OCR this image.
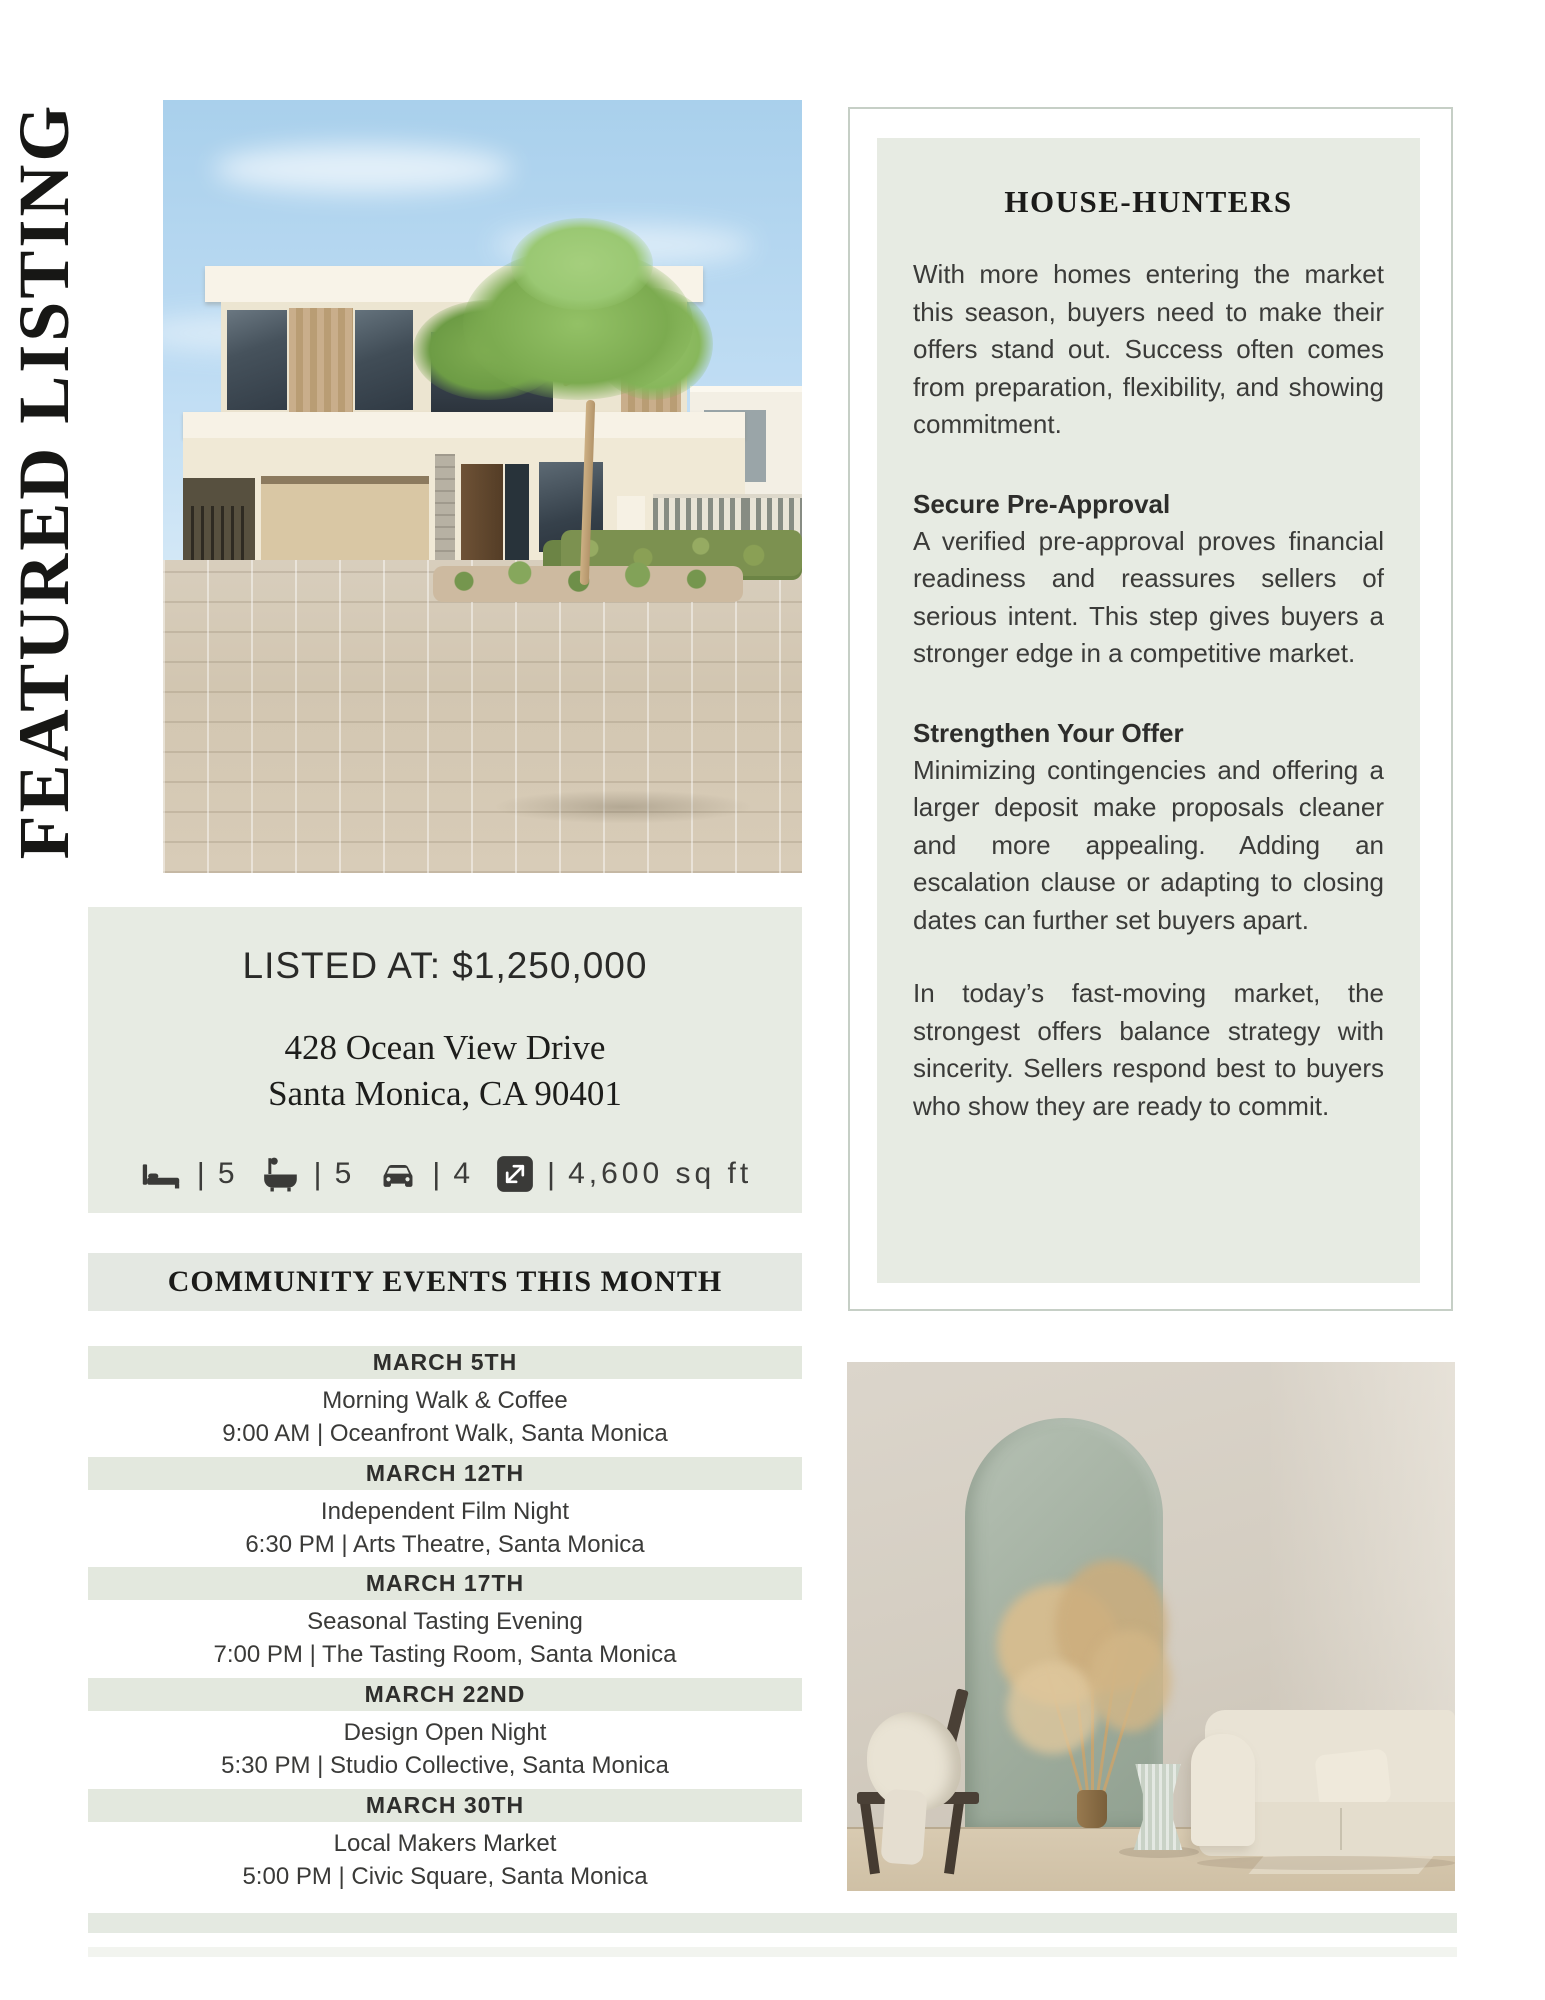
FEATURED LISTING
LISTED AT: $1,250,000
428 Ocean View Drive
Santa Monica, CA 90401
| 5 | 5 | 4 | 4,600 sq ft
COMMUNITY EVENTS THIS MONTH
MARCH 5TH
Morning Walk & Coffee
9:00 AM | Oceanfront Walk, Santa Monica
MARCH 12TH
Independent Film Night
6:30 PM | Arts Theatre, Santa Monica
MARCH 17TH
Seasonal Tasting Evening
7:00 PM | The Tasting Room, Santa Monica
MARCH 22ND
Design Open Night
5:30 PM | Studio Collective, Santa Monica
MARCH 30TH
Local Makers Market
5:00 PM | Civic Square, Santa Monica
HOUSE-HUNTERS

With more homes entering the market this season, buyers need to make their offers stand out. Success often comes from preparation, flexibility, and showing commitment.

Secure Pre-Approval

A verified pre-approval proves financial readiness and reassures sellers of serious intent. This step gives buyers a stronger edge in a competitive market.

Strengthen Your Offer

Minimizing contingencies and offering a larger deposit make proposals cleaner and more appealing. Adding an escalation clause or adapting to closing dates can further set buyers apart.

In today’s fast-moving market, the strongest offers balance strategy with sincerity. Sellers respond best to buyers who show they are ready to commit.
